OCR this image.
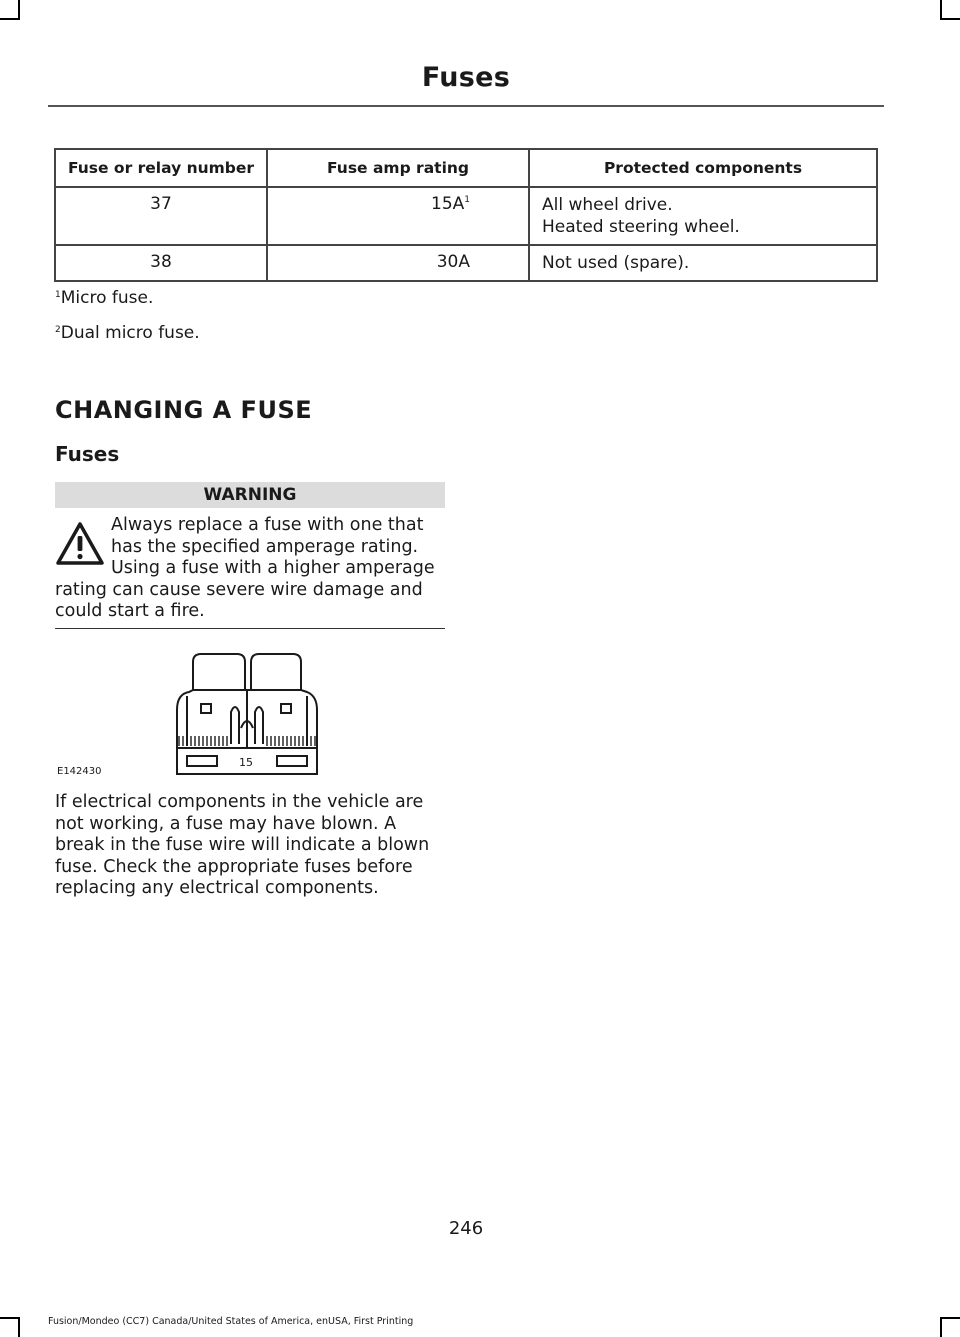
Fuses
Fuse or relay number	Fuse amp rating	Protected components
37	$15A^1$	All wheel drive.
Heated steering wheel.

38	30A	Not used (spare).
$^1$Micro fuse.
$^2$Dual micro fuse.
CHANGING A FUSE
Fuses
WARNING
Always replace a fuse with one that has the specified amperage rating. Using a fuse with a higher amperage rating can cause severe wire damage and could start a fire.
15
E142430
If electrical components in the vehicle are not working, a fuse may have blown. A break in the fuse wire will indicate a blown fuse. Check the appropriate fuses before replacing any electrical components.
246
Fusion/Mondeo (CC7) Canada/United States of America, enUSA, First Printing
